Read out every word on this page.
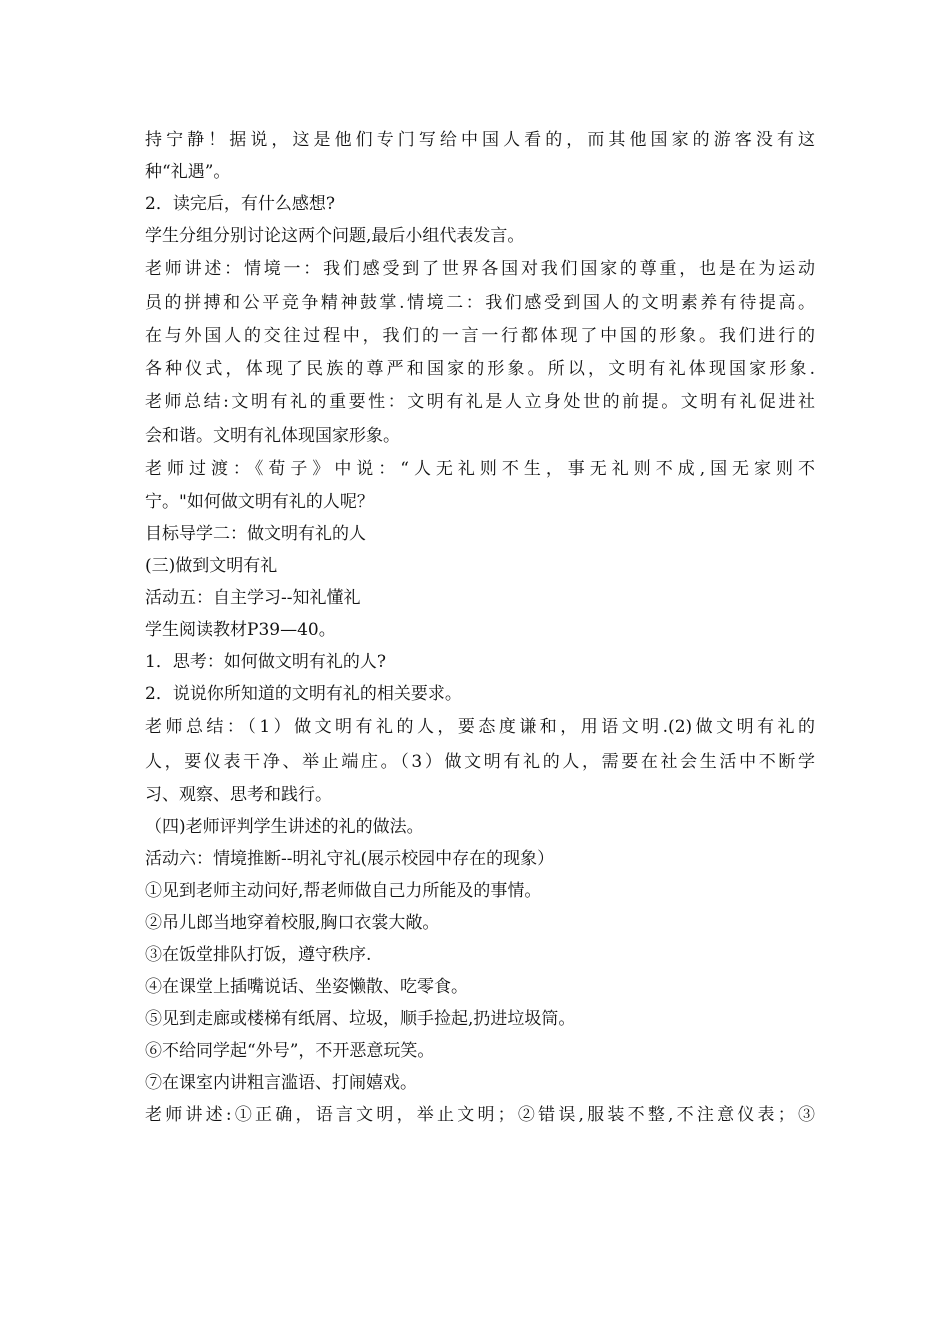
持宁静！据说，这是他们专门写给中国人看的，而其他国家的游客没有这
种“礼遇”。
2．读完后，有什么感想?
学生分组分别讨论这两个问题,最后小组代表发言。
老师讲述：情境一：我们感受到了世界各国对我们国家的尊重，也是在为运动
员的拼搏和公平竞争精神鼓掌.情境二：我们感受到国人的文明素养有待提高。
在与外国人的交往过程中，我们的一言一行都体现了中国的形象。我们进行的
各种仪式，体现了民族的尊严和国家的形象。所以，文明有礼体现国家形象.
老师总结:文明有礼的重要性：文明有礼是人立身处世的前提。文明有礼促进社
会和谐。文明有礼体现国家形象。
老师过渡：《荀子》中说：“人无礼则不生，事无礼则不成,国无家则不
宁。"如何做文明有礼的人呢？
目标导学二：做文明有礼的人
(三)做到文明有礼
活动五：自主学习--知礼懂礼
学生阅读教材P39—40。
1．思考：如何做文明有礼的人?
2．说说你所知道的文明有礼的相关要求。
老师总结：（1）做文明有礼的人，要态度谦和，用语文明.(2)做文明有礼的
人，要仪表干净、举止端庄。（3）做文明有礼的人，需要在社会生活中不断学
习、观察、思考和践行。
（四)老师评判学生讲述的礼的做法。
活动六：情境推断--明礼守礼(展示校园中存在的现象）
①见到老师主动问好,帮老师做自己力所能及的事情。
②吊儿郎当地穿着校服,胸口衣裳大敞。
③在饭堂排队打饭，遵守秩序.
④在课堂上插嘴说话、坐姿懒散、吃零食。
⑤见到走廊或楼梯有纸屑、垃圾，顺手捡起,扔进垃圾筒。
⑥不给同学起“外号”，不开恶意玩笑。
⑦在课室内讲粗言滥语、打闹嬉戏。
老师讲述:①正确，语言文明，举止文明；②错误,服装不整,不注意仪表；③
